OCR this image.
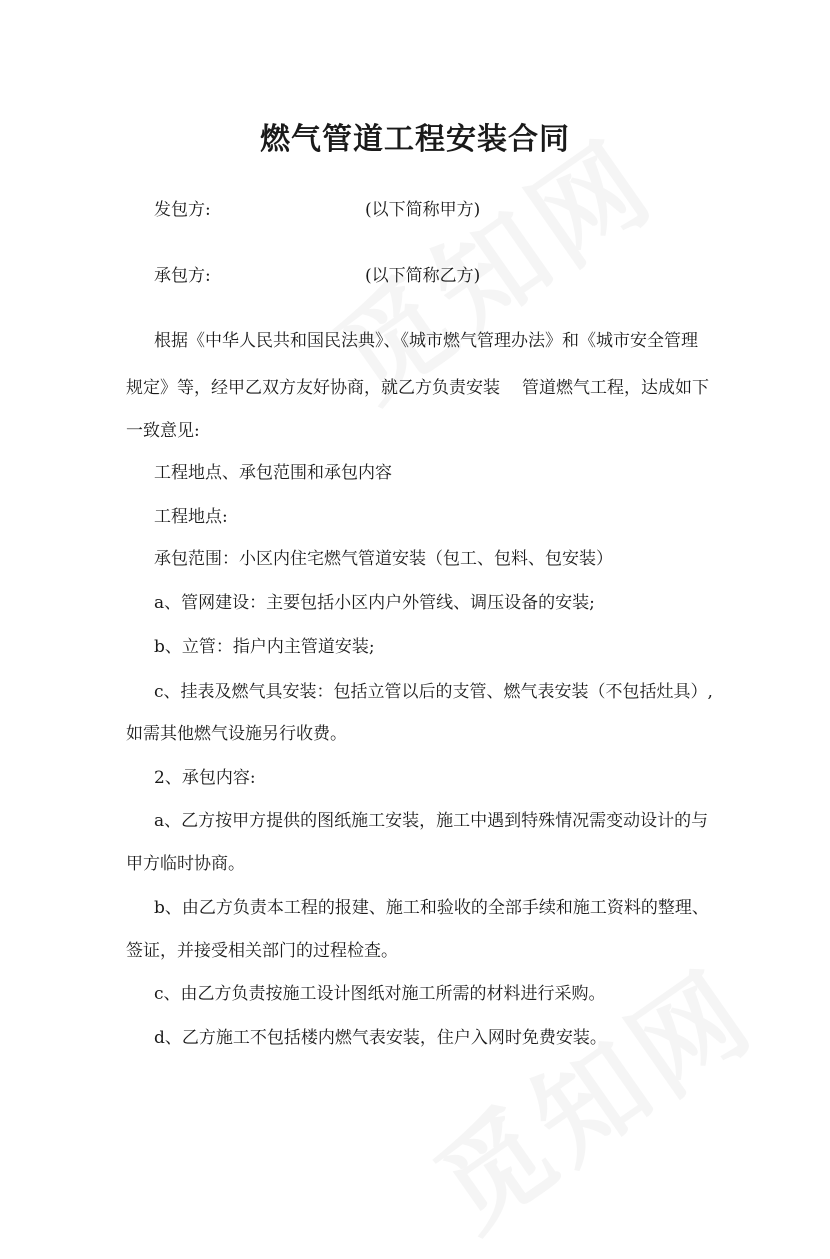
燃气管道工程安装合同
发包方:	(以下简称甲方)
承包方:	(以下简称乙方)
根据《中华人民共和国民法典》、《城市燃气管理办法》和《城市安全管理
规定》等，经甲乙双方友好协商，就乙方负责安装 管道燃气工程，达成如下
一致意见:
工程地点、承包范围和承包内容
工程地点:
承包范围：小区内住宅燃气管道安装（包工、包料、包安装）
a、管网建设：主要包括小区内户外管线、调压设备的安装;
b、立管：指户内主管道安装;
c、挂表及燃气具安装：包括立管以后的支管、燃气表安装（不包括灶具）,
如需其他燃气设施另行收费。
2、承包内容:
a、乙方按甲方提供的图纸施工安装，施工中遇到特殊情况需变动设计的与
甲方临时协商。
b、由乙方负责本工程的报建、施工和验收的全部手续和施工资料的整理、
签证，并接受相关部门的过程检查。
c、由乙方负责按施工设计图纸对施工所需的材料进行采购。
d、乙方施工不包括楼内燃气表安装，住户入网时免费安装。
